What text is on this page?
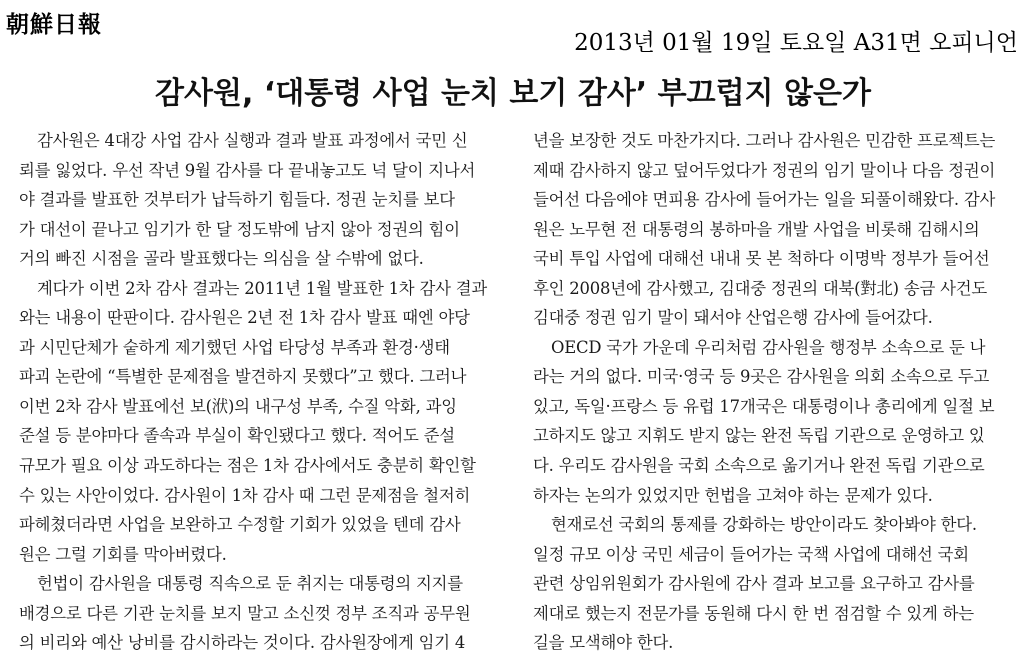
朝鮮日報
2013년 01월 19일 토요일 A31면 오피니언
감사원, ‘대통령 사업 눈치 보기 감사’ 부끄럽지 않은가
감사원은 4대강 사업 감사 실행과 결과 발표 과정에서 국민 신
뢰를 잃었다. 우선 작년 9월 감사를 다 끝내놓고도 넉 달이 지나서
야 결과를 발표한 것부터가 납득하기 힘들다. 정권 눈치를 보다
가 대선이 끝나고 임기가 한 달 정도밖에 남지 않아 정권의 힘이
거의 빠진 시점을 골라 발표했다는 의심을 살 수밖에 없다.
계다가 이번 2차 감사 결과는 2011년 1월 발표한 1차 감사 결과
와는 내용이 딴판이다. 감사원은 2년 전 1차 감사 발표 때엔 야당
과 시민단체가 숱하게 제기했던 사업 타당성 부족과 환경·생태
파괴 논란에 “특별한 문제점을 발견하지 못했다”고 했다. 그러나
이번 2차 감사 발표에선 보(洑)의 내구성 부족, 수질 악화, 과잉
준설 등 분야마다 졸속과 부실이 확인됐다고 했다. 적어도 준설
규모가 필요 이상 과도하다는 점은 1차 감사에서도 충분히 확인할
수 있는 사안이었다. 감사원이 1차 감사 때 그런 문제점을 철저히
파헤쳤더라면 사업을 보완하고 수정할 기회가 있었을 텐데 감사
원은 그럴 기회를 막아버렸다.
헌법이 감사원을 대통령 직속으로 둔 취지는 대통령의 지지를
배경으로 다른 기관 눈치를 보지 말고 소신껏 정부 조직과 공무원
의 비리와 예산 낭비를 감시하라는 것이다. 감사원장에게 임기 4
년을 보장한 것도 마찬가지다. 그러나 감사원은 민감한 프로젝트는
제때 감사하지 않고 덮어두었다가 정권의 임기 말이나 다음 정권이
들어선 다음에야 면피용 감사에 들어가는 일을 되풀이해왔다. 감사
원은 노무현 전 대통령의 봉하마을 개발 사업을 비롯해 김해시의
국비 투입 사업에 대해선 내내 못 본 척하다 이명박 정부가 들어선
후인 2008년에 감사했고, 김대중 정권의 대북(對北) 송금 사건도
김대중 정권 임기 말이 돼서야 산업은행 감사에 들어갔다.
OECD 국가 가운데 우리처럼 감사원을 행정부 소속으로 둔 나
라는 거의 없다. 미국·영국 등 9곳은 감사원을 의회 소속으로 두고
있고, 독일·프랑스 등 유럽 17개국은 대통령이나 총리에게 일절 보
고하지도 않고 지휘도 받지 않는 완전 독립 기관으로 운영하고 있
다. 우리도 감사원을 국회 소속으로 옮기거나 완전 독립 기관으로
하자는 논의가 있었지만 헌법을 고쳐야 하는 문제가 있다.
현재로선 국회의 통제를 강화하는 방안이라도 찾아봐야 한다.
일정 규모 이상 국민 세금이 들어가는 국책 사업에 대해선 국회
관련 상임위원회가 감사원에 감사 결과 보고를 요구하고 감사를
제대로 했는지 전문가를 동원해 다시 한 번 점검할 수 있게 하는
길을 모색해야 한다.
